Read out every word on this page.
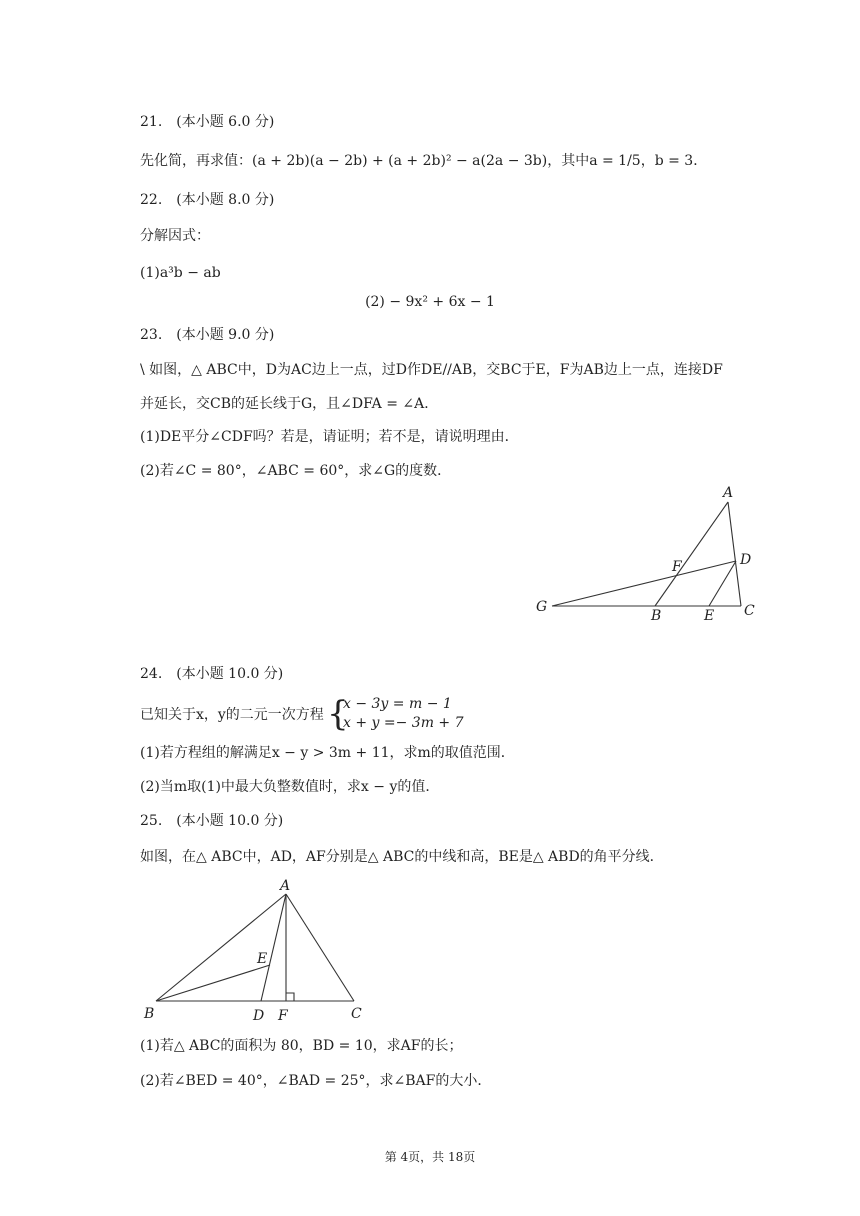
21.　(本小题 6.0 分)
先化简，再求值：(a + 2b)(a − 2b) + (a + 2b)² − a(2a − 3b)，其中a = 1/5，b = 3．
22.　(本小题 8.0 分)
分解因式：
(1)a³b − ab
(2) − 9x² + 6x − 1
23.　(本小题 9.0 分)
\ 如图，△ ABC中，D为AC边上一点，过D作DE//AB，交BC于E，F为AB边上一点，连接DF
并延长，交CB的延长线于G，且∠DFA = ∠A．
(1)DE平分∠CDF吗？若是，请证明；若不是，请说明理由．
(2)若∠C = 80°，∠ABC = 60°，求∠G的度数．
A
D
F
G
B	E C
24.　(本小题 10.0 分)
已知关于x，y的二元一次方程 {
x − 3y = m − 1
x + y =− 3m + 7
(1)若方程组的解满足x − y > 3m + 11，求m的取值范围．
(2)当m取(1)中最大负整数值时，求x − y的值．
25.　(本小题 10.0 分)
如图，在△ ABC中，AD，AF分别是△ ABC的中线和高，BE是△ ABD的角平分线．
A
E
B	D F	C
(1)若△ ABC的面积为 80，BD = 10，求AF的长；
(2)若∠BED = 40°，∠BAD = 25°，求∠BAF的大小．
第 4页，共 18页
